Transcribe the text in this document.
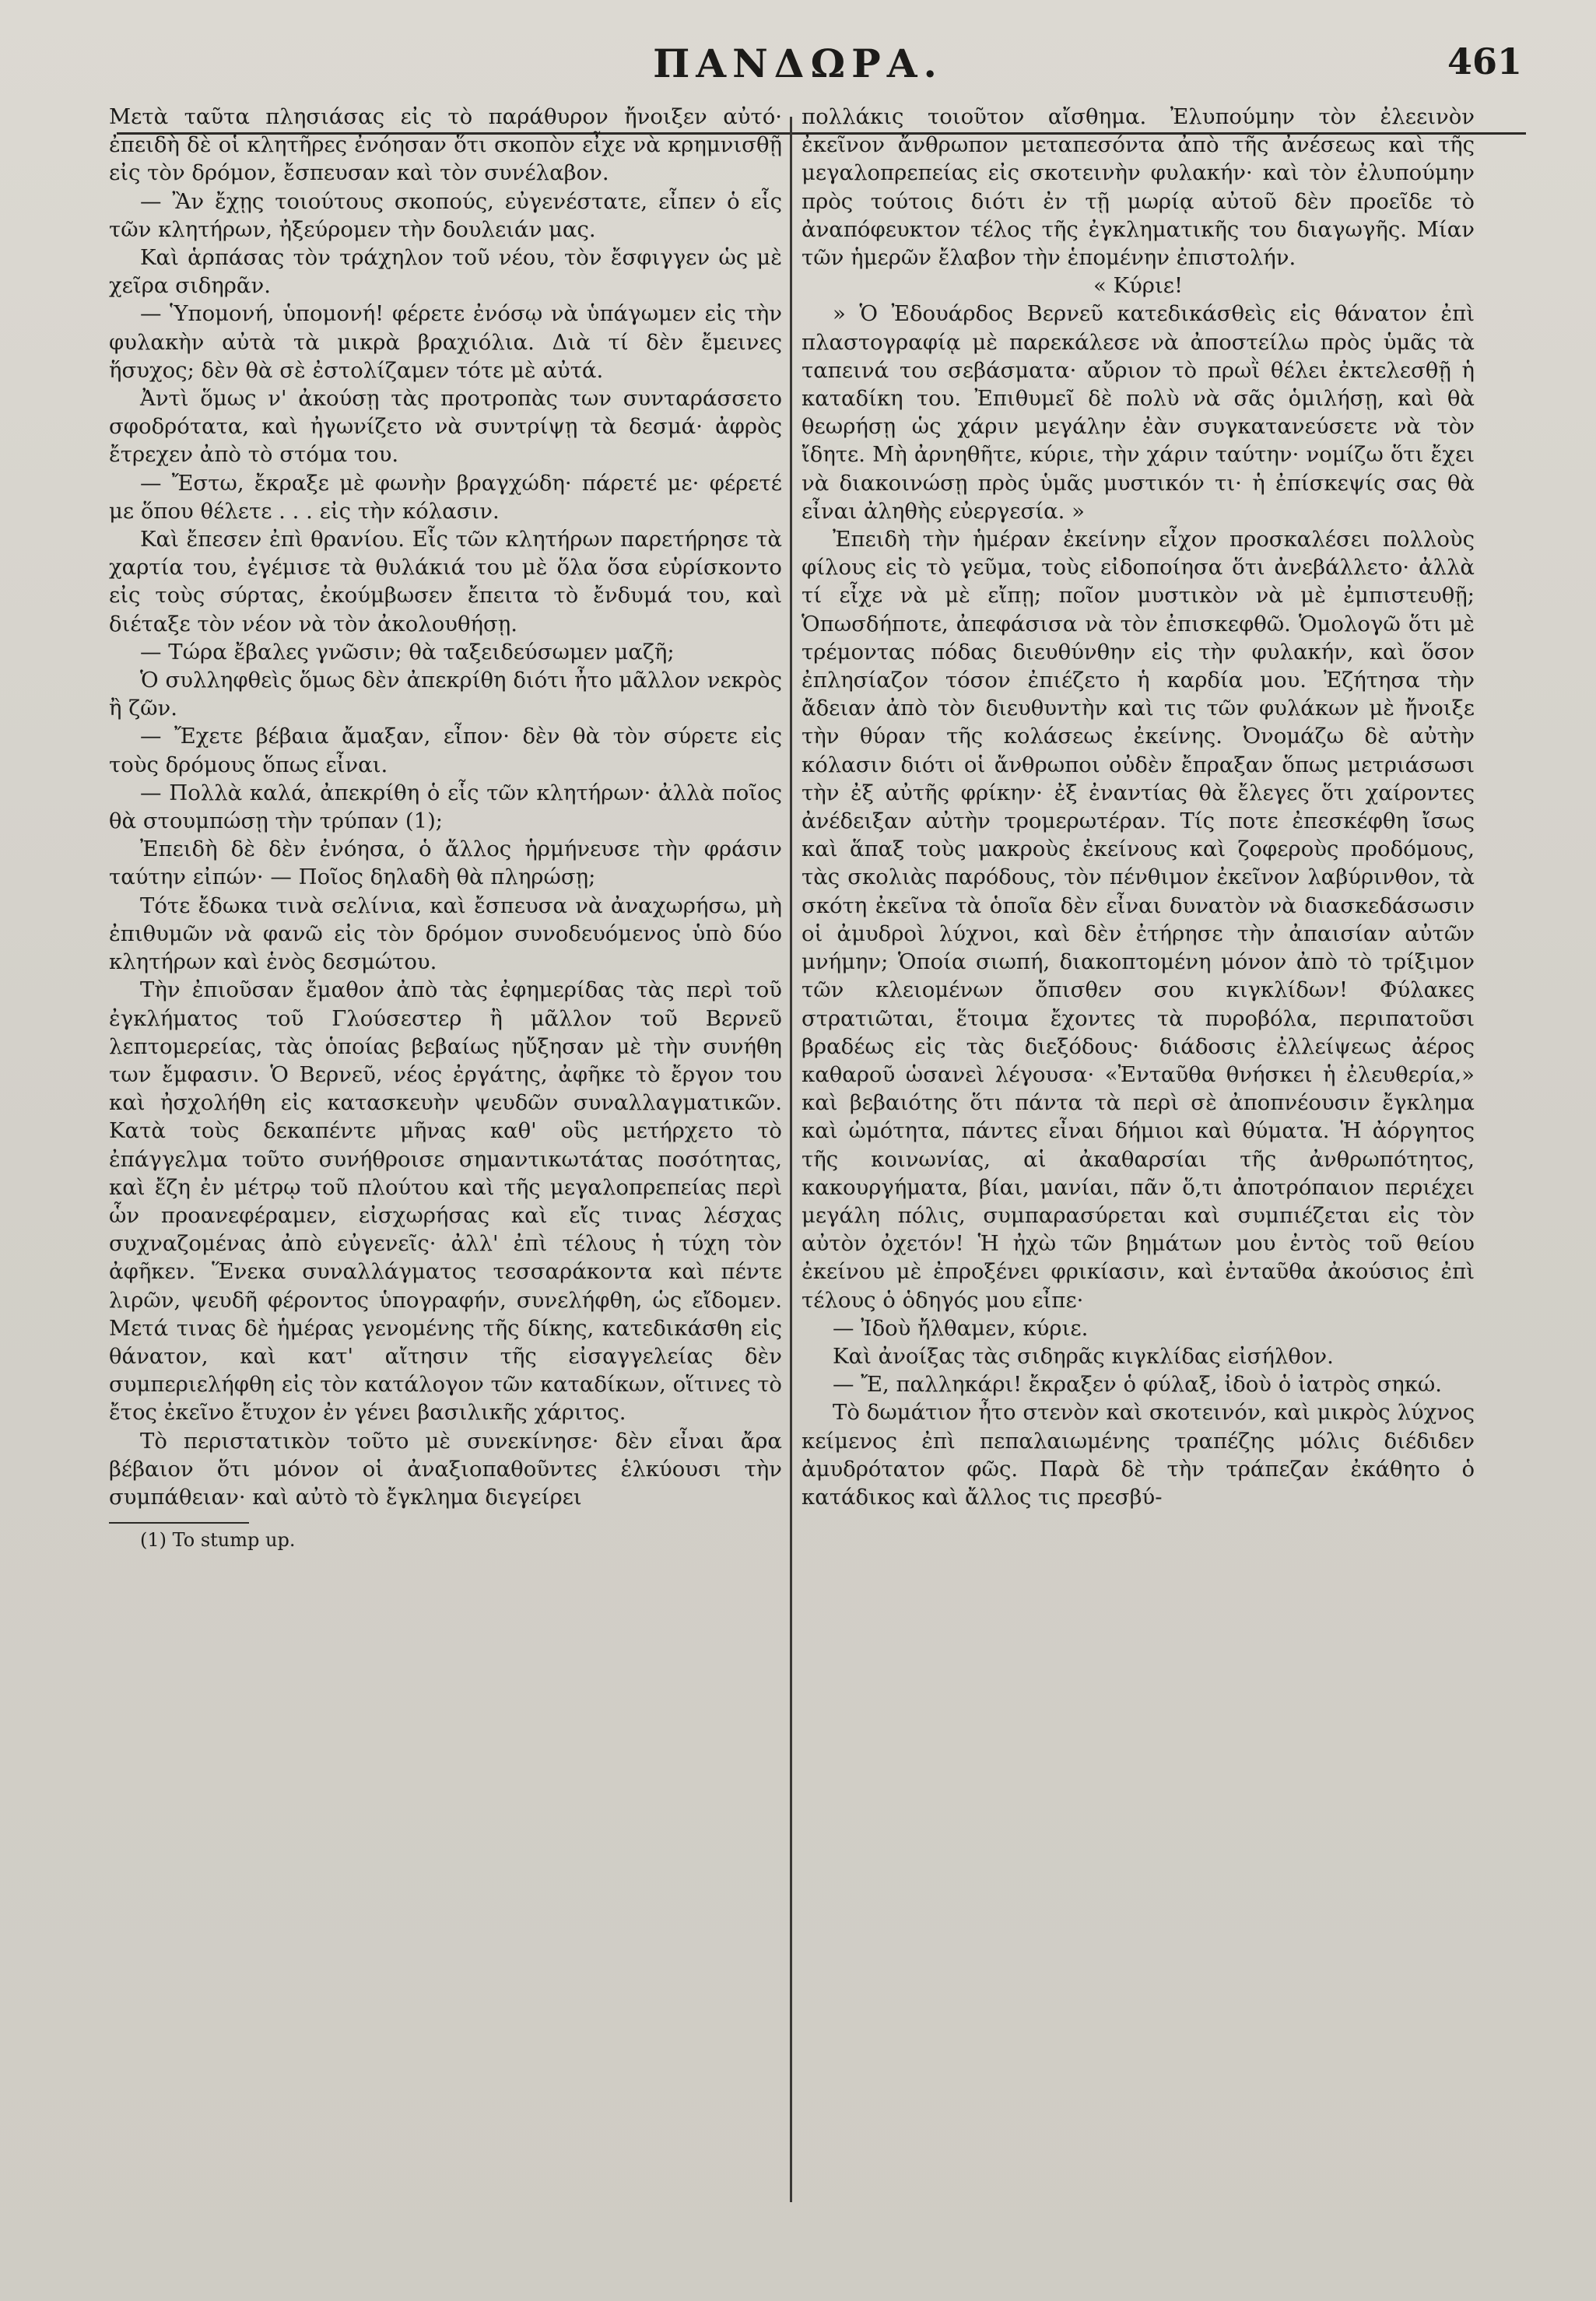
ΠΑΝΔΩΡΑ.	461

Μετὰ ταῦτα πλησιάσας εἰς τὸ παράθυρον ἤνοιξεν αὐτό· ἐπειδὴ δὲ οἱ κλητῆρες ἐνόησαν ὅτι σκοπὸν εἶχε νὰ κρημνισθῇ εἰς τὸν δρόμον, ἔσπευσαν καὶ τὸν συνέλαβον.

— Ἂν ἔχῃς τοιούτους σκοπούς, εὐγενέστατε, εἶπεν ὁ εἷς τῶν κλητήρων, ἠξεύρομεν τὴν δουλειάν μας.

Καὶ ἁρπάσας τὸν τράχηλον τοῦ νέου, τὸν ἔσφιγγεν ὡς μὲ χεῖρα σιδηρᾶν.

— Ὑπομονή, ὑπομονή! φέρετε ἐνόσῳ νὰ ὑπάγωμεν εἰς τὴν φυλακὴν αὐτὰ τὰ μικρὰ βραχιόλια. Διὰ τί δὲν ἔμεινες ἥσυχος; δὲν θὰ σὲ ἐστολίζαμεν τότε μὲ αὐτά.

Ἀντὶ ὅμως ν' ἀκούσῃ τὰς προτροπὰς των συνταράσσετο σφοδρότατα, καὶ ἠγωνίζετο νὰ συντρίψῃ τὰ δεσμά· ἀφρὸς ἔτρεχεν ἀπὸ τὸ στόμα του.

— Ἔστω, ἔκραξε μὲ φωνὴν βραγχώδη· πάρετέ με· φέρετέ με ὅπου θέλετε . . . εἰς τὴν κόλασιν.

Καὶ ἔπεσεν ἐπὶ θρανίου. Εἷς τῶν κλητήρων παρετήρησε τὰ χαρτία του, ἐγέμισε τὰ θυλάκιά του μὲ ὅλα ὅσα εὑρίσκοντο εἰς τοὺς σύρτας, ἐκούμβωσεν ἔπειτα τὸ ἔνδυμά του, καὶ διέταξε τὸν νέον νὰ τὸν ἀκολουθήσῃ.

— Τώρα ἔβαλες γνῶσιν; θὰ ταξειδεύσωμεν μαζῆ;

Ὁ συλληφθεὶς ὅμως δὲν ἀπεκρίθη διότι ἦτο μᾶλλον νεκρὸς ἢ ζῶν.

— Ἔχετε βέβαια ἄμαξαν, εἶπον· δὲν θὰ τὸν σύρετε εἰς τοὺς δρόμους ὅπως εἶναι.

— Πολλὰ καλά, ἀπεκρίθη ὁ εἷς τῶν κλητήρων· ἀλλὰ ποῖος θὰ στουμπώσῃ τὴν τρύπαν (1);

Ἐπειδὴ δὲ δὲν ἐνόησα, ὁ ἄλλος ἡρμήνευσε τὴν φράσιν ταύτην εἰπών· — Ποῖος δηλαδὴ θὰ πληρώσῃ;

Τότε ἔδωκα τινὰ σελίνια, καὶ ἔσπευσα νὰ ἀναχωρήσω, μὴ ἐπιθυμῶν νὰ φανῶ εἰς τὸν δρόμον συνοδευόμενος ὑπὸ δύο κλητήρων καὶ ἑνὸς δεσμώτου.

Τὴν ἐπιοῦσαν ἔμαθον ἀπὸ τὰς ἐφημερίδας τὰς περὶ τοῦ ἐγκλήματος τοῦ Γλούσεστερ ἢ μᾶλλον τοῦ Βερνεῦ λεπτομερείας, τὰς ὁποίας βεβαίως ηὔξησαν μὲ τὴν συνήθη των ἔμφασιν. Ὁ Βερνεῦ, νέος ἐργάτης, ἀφῆκε τὸ ἔργον του καὶ ἠσχολήθη εἰς κατασκευὴν ψευδῶν συναλλαγματικῶν. Κατὰ τοὺς δεκαπέντε μῆνας καθ' οὓς μετήρχετο τὸ ἐπάγγελμα τοῦτο συνήθροισε σημαντικωτάτας ποσότητας, καὶ ἔζη ἐν μέτρῳ τοῦ πλούτου καὶ τῆς μεγαλοπρεπείας περὶ ὧν προανεφέραμεν, εἰσχωρήσας καὶ εἴς τινας λέσχας συχναζομένας ἀπὸ εὐγενεῖς· ἀλλ' ἐπὶ τέλους ἡ τύχη τὸν ἀφῆκεν. Ἕνεκα συναλλάγματος τεσσαράκοντα καὶ πέντε λιρῶν, ψευδῆ φέροντος ὑπογραφήν, συνελήφθη, ὡς εἴδομεν. Μετά τινας δὲ ἡμέρας γενομένης τῆς δίκης, κατεδικάσθη εἰς θάνατον, καὶ κατ' αἴτησιν τῆς εἰσαγγελείας δὲν συμπεριελήφθη εἰς τὸν κατάλογον τῶν καταδίκων, οἵτινες τὸ ἔτος ἐκεῖνο ἔτυχον ἐν γένει βασιλικῆς χάριτος.

Τὸ περιστατικὸν τοῦτο μὲ συνεκίνησε· δὲν εἶναι ἄρα βέβαιον ὅτι μόνον οἱ ἀναξιοπαθοῦντες ἑλκύουσι τὴν συμπάθειαν· καὶ αὐτὸ τὸ ἔγκλημα διεγείρει

(1) To stump up.

πολλάκις τοιοῦτον αἴσθημα. Ἐλυπούμην τὸν ἐλεεινὸν ἐκεῖνον ἄνθρωπον μεταπεσόντα ἀπὸ τῆς ἀνέσεως καὶ τῆς μεγαλοπρεπείας εἰς σκοτεινὴν φυλακήν· καὶ τὸν ἐλυπούμην πρὸς τούτοις διότι ἐν τῇ μωρίᾳ αὐτοῦ δὲν προεῖδε τὸ ἀναπόφευκτον τέλος τῆς ἐγκληματικῆς του διαγωγῆς. Μίαν τῶν ἡμερῶν ἔλαβον τὴν ἑπομένην ἐπιστολήν.

« Κύριε!

» Ὁ Ἐδουάρδος Βερνεῦ κατεδικάσθεὶς εἰς θάνατον ἐπὶ πλαστογραφίᾳ μὲ παρεκάλεσε νὰ ἀποστείλω πρὸς ὑμᾶς τὰ ταπεινά του σεβάσματα· αὔριον τὸ πρωῒ θέλει ἐκτελεσθῇ ἡ καταδίκη του. Ἐπιθυμεῖ δὲ πολὺ νὰ σᾶς ὁμιλήσῃ, καὶ θὰ θεωρήσῃ ὡς χάριν μεγάλην ἐὰν συγκατανεύσετε νὰ τὸν ἴδητε. Μὴ ἀρνηθῆτε, κύριε, τὴν χάριν ταύτην· νομίζω ὅτι ἔχει νὰ διακοινώσῃ πρὸς ὑμᾶς μυστικόν τι· ἡ ἐπίσκεψίς σας θὰ εἶναι ἀληθὴς εὐεργεσία. »

Ἐπειδὴ τὴν ἡμέραν ἐκείνην εἶχον προσκαλέσει πολλοὺς φίλους εἰς τὸ γεῦμα, τοὺς εἰδοποίησα ὅτι ἀνεβάλλετο· ἀλλὰ τί εἶχε νὰ μὲ εἴπῃ; ποῖον μυστικὸν νὰ μὲ ἐμπιστευθῇ; Ὁπωσδήποτε, ἀπεφάσισα νὰ τὸν ἐπισκεφθῶ. Ὁμολογῶ ὅτι μὲ τρέμοντας πόδας διευθύνθην εἰς τὴν φυλακήν, καὶ ὅσον ἐπλησίαζον τόσον ἐπιέζετο ἡ καρδία μου. Ἐζήτησα τὴν ἄδειαν ἀπὸ τὸν διευθυντὴν καὶ τις τῶν φυλάκων μὲ ἤνοιξε τὴν θύραν τῆς κολάσεως ἐκείνης. Ὀνομάζω δὲ αὐτὴν κόλασιν διότι οἱ ἄνθρωποι οὐδὲν ἔπραξαν ὅπως μετριάσωσι τὴν ἐξ αὐτῆς φρίκην· ἐξ ἐναντίας θὰ ἔλεγες ὅτι χαίροντες ἀνέδειξαν αὐτὴν τρομερωτέραν. Τίς ποτε ἐπεσκέφθη ἴσως καὶ ἅπαξ τοὺς μακροὺς ἐκείνους καὶ ζοφεροὺς προδόμους, τὰς σκολιὰς παρόδους, τὸν πένθιμον ἐκεῖνον λαβύρινθον, τὰ σκότη ἐκεῖνα τὰ ὁποῖα δὲν εἶναι δυνατὸν νὰ διασκεδάσωσιν οἱ ἀμυδροὶ λύχνοι, καὶ δὲν ἐτήρησε τὴν ἀπαισίαν αὐτῶν μνήμην; Ὁποία σιωπή, διακοπτομένη μόνον ἀπὸ τὸ τρίξιμον τῶν κλειομένων ὄπισθεν σου κιγκλίδων! Φύλακες στρατιῶται, ἕτοιμα ἔχοντες τὰ πυροβόλα, περιπατοῦσι βραδέως εἰς τὰς διεξόδους· διάδοσις ἐλλείψεως ἀέρος καθαροῦ ὡσανεὶ λέγουσα· «Ἐνταῦθα θνήσκει ἡ ἐλευθερία,» καὶ βεβαιότης ὅτι πάντα τὰ περὶ σὲ ἀποπνέουσιν ἔγκλημα καὶ ὠμότητα, πάντες εἶναι δήμιοι καὶ θύματα. Ἡ ἀόργητος τῆς κοινωνίας, αἱ ἀκαθαρσίαι τῆς ἀνθρωπότητος, κακουργήματα, βίαι, μανίαι, πᾶν ὅ,τι ἀποτρόπαιον περιέχει μεγάλη πόλις, συμπαρασύρεται καὶ συμπιέζεται εἰς τὸν αὐτὸν ὀχετόν! Ἡ ἠχὼ τῶν βημάτων μου ἐντὸς τοῦ θείου ἐκείνου μὲ ἐπροξένει φρικίασιν, καὶ ἐνταῦθα ἀκούσιος ἐπὶ τέλους ὁ ὁδηγός μου εἶπε·

— Ἰδοὺ ἤλθαμεν, κύριε.

Καὶ ἀνοίξας τὰς σιδηρᾶς κιγκλίδας εἰσήλθον.

— Ἔ, παλληκάρι! ἔκραξεν ὁ φύλαξ, ἰδοὺ ὁ ἰατρὸς σηκώ.

Τὸ δωμάτιον ἦτο στενὸν καὶ σκοτεινόν, καὶ μικρὸς λύχνος κείμενος ἐπὶ πεπαλαιωμένης τραπέζης μόλις διέδιδεν ἀμυδρότατον φῶς. Παρὰ δὲ τὴν τράπεζαν ἐκάθητο ὁ κατάδικος καὶ ἄλλος τις πρεσβύ-
